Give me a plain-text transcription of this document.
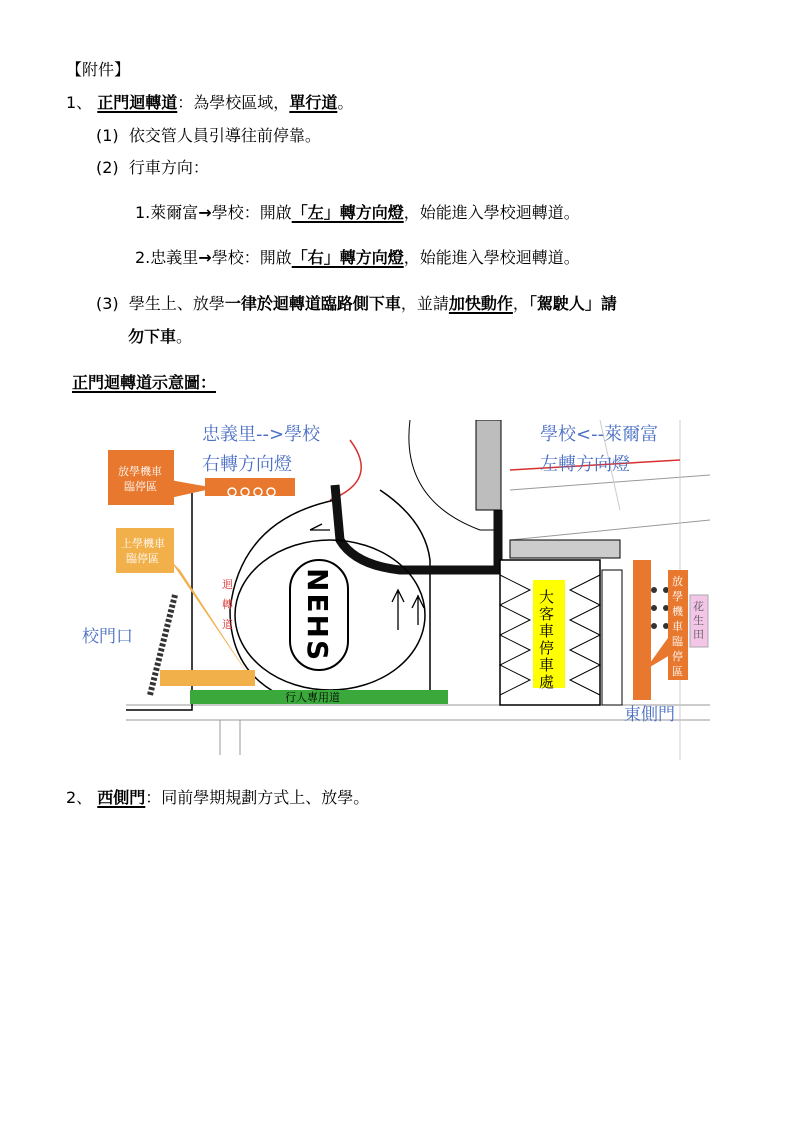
【附件】
1、 正門迴轉道：為學校區域，單行道。
(1) 依交管人員引導往前停靠。
(2) 行車方向：
1.萊爾富→學校：開啟「左」轉方向燈，始能進入學校迴轉道。
2.忠義里→學校：開啟「右」轉方向燈，始能進入學校迴轉道。
(3) 學生上、放學一律於迴轉道臨路側下車，並請加快動作，「駕駛人」請
勿下車。
正門迴轉道示意圖：
忠義里-->學校
右轉方向燈
學校<--萊爾富
左轉方向燈
放學機車
臨停區
上學機車
臨停區
迴
轉
道 NEHS	大
客
車
停
車
處
放
學
機
車
臨
停
區
花
生
田
校門口
東側門
行人專用道
2、 西側門：同前學期規劃方式上、放學。
